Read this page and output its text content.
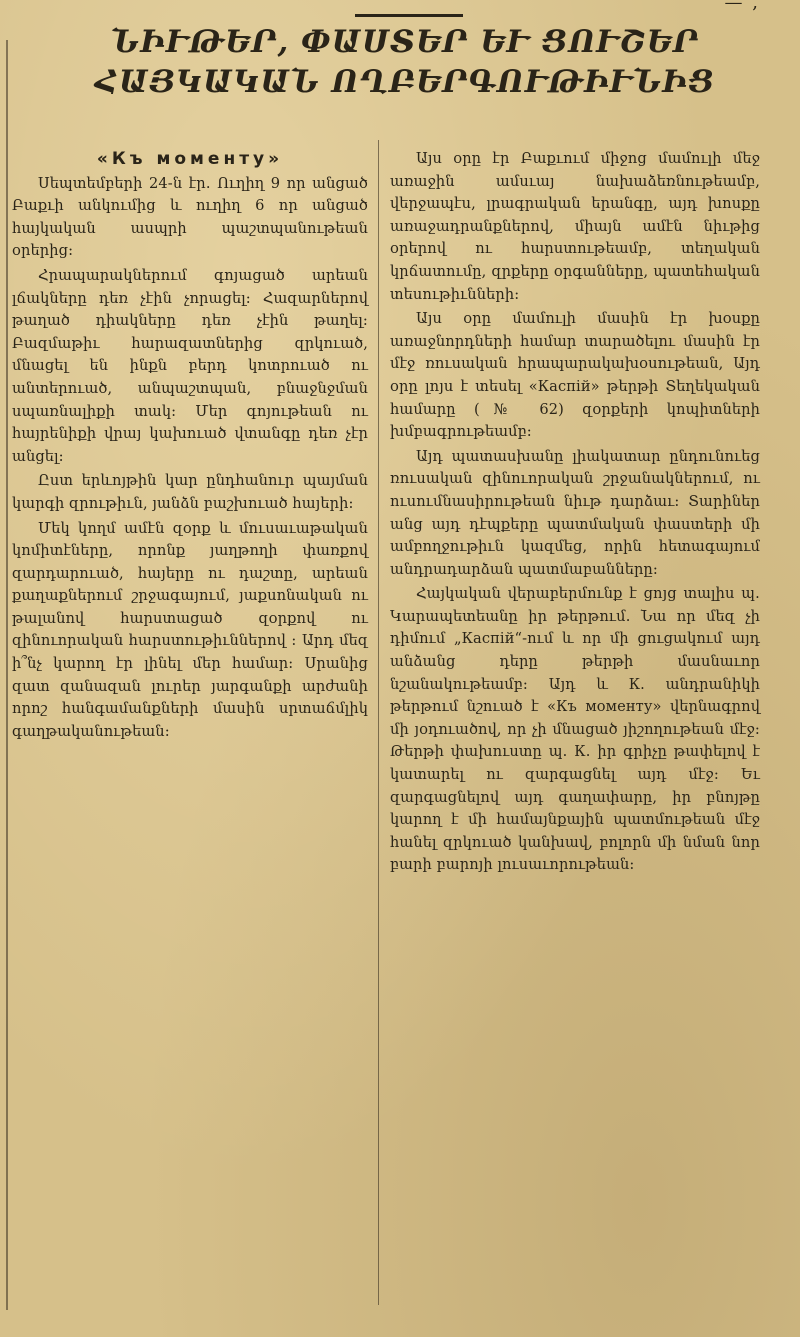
— ,
ՆԻՒԹԵՐ, ՓԱՍՏԵՐ ԵՒ ՑՈՒՇԵՐ ՀԱՅԿԱԿԱՆ ՈՂԲԵՐԳՈՒԹԻՒՆԻՑ

«Къ моменту»

Սեպտեմբերի 24-ն էր․ Ուղիղ 9 որ անցած Բաքւի անկումից և ուղիղ 6 որ անցած հայկական ասպրի պաշտպանութեան օրերից։

Հրապարակներում գոյացած արեան լճակները դեռ չէին չորացել։ Հազարներով թաղած դիակները դեռ չէին թաղել։ Բազմաթիւ հարազատներից զրկուած, մնացել են ինքն բերդ կոտրուած ու անտերուած, անպաշտպան, բնաջնջման սպառնալիքի տակ։ Մեր գոյութեան ու հայրենիքի վրայ կախուած վտանգը դեռ չէր անցել։

Ըստ երևոյթին կար ընդհանուր պայման կարգի զրութիւն, յանձն բաշխուած հայերի։

Մեկ կողմ ամէն զօրք և մուսաւաթական կոմիտէները, որոնք յաղթողի փառքով զարդարուած, հայերը ու դաշտը, արեան քաղաքներում շրջագայում, յաքսոնական ու թալանով հարստացած զօրքով ու զինուորական հարստութիւններով ։ Արդ մեզ ի՞նչ կարող էր լինել մեր համար։ Սրանից զատ զանազան լուրեր յարգանքի արժանի որոշ հանգամանքների մասին սրտաճմլիկ գաղթականութեան։

Այս օրը էր Բաքւում միջոց մամուլի մեջ առաջին ամսւայ նախաձեռնութեամբ, վերջապէս, լրագրական երանգը, այդ խոսքը առաջադրանքներով, միայն ամէն նիւթից օրերով ու հարստութեամբ, տեղական կրճատումը, զրքերը օրգանները, պատեհական տեսութիւնների։

Այս օրը մամուլի մասին էր խօսքը առաջնորդների համար տարածելու մասին էր մէջ ռուսական հրապարակախօսութեան, Այդ օրը լոյս է տեսել «Каспій» թերթի Տեղեկական համարը (№ 62) զօրքերի կոպիտների խմբագրութեամբ։

Այդ պատասխանը լիակատար ընդունուեց ռուսական զինուորական շրջանակներում, ու ուսումնասիրութեան նիւթ դարձաւ։ Տարիներ անց այդ դէպքերը պատմական փաստերի մի ամբողջութիւն կազմեց, որին հետագայում անդրադարձան պատմաբանները։

Հայկական վերաբերմունք է ցոյց տալիս պ․ Կարապետեանը իր թերթում․ Նա որ մեզ չի դիմում „Каспій“-ում և որ մի ցուցակում այդ անձանց դերը թերթի մասնաւոր նշանակութեամբ։ Այդ և К. անդրանիկի թերթում նշուած է «Къ моменту» վերնագրով մի յօդուածով, որ չի մնացած յիշողութեան մէջ։ Թերթի փախուստը պ․ К․ իր գրիչը թափելով է կատարել ու զարգացնել այդ մէջ։ Եւ զարգացնելով այդ գաղափարը, իր բնոյթը կարող է մի համայնքային պատմութեան մէջ հանել զրկուած կանխավ, բոլորն մի նման նոր բարի բարոյի լուսաւորութեան։
